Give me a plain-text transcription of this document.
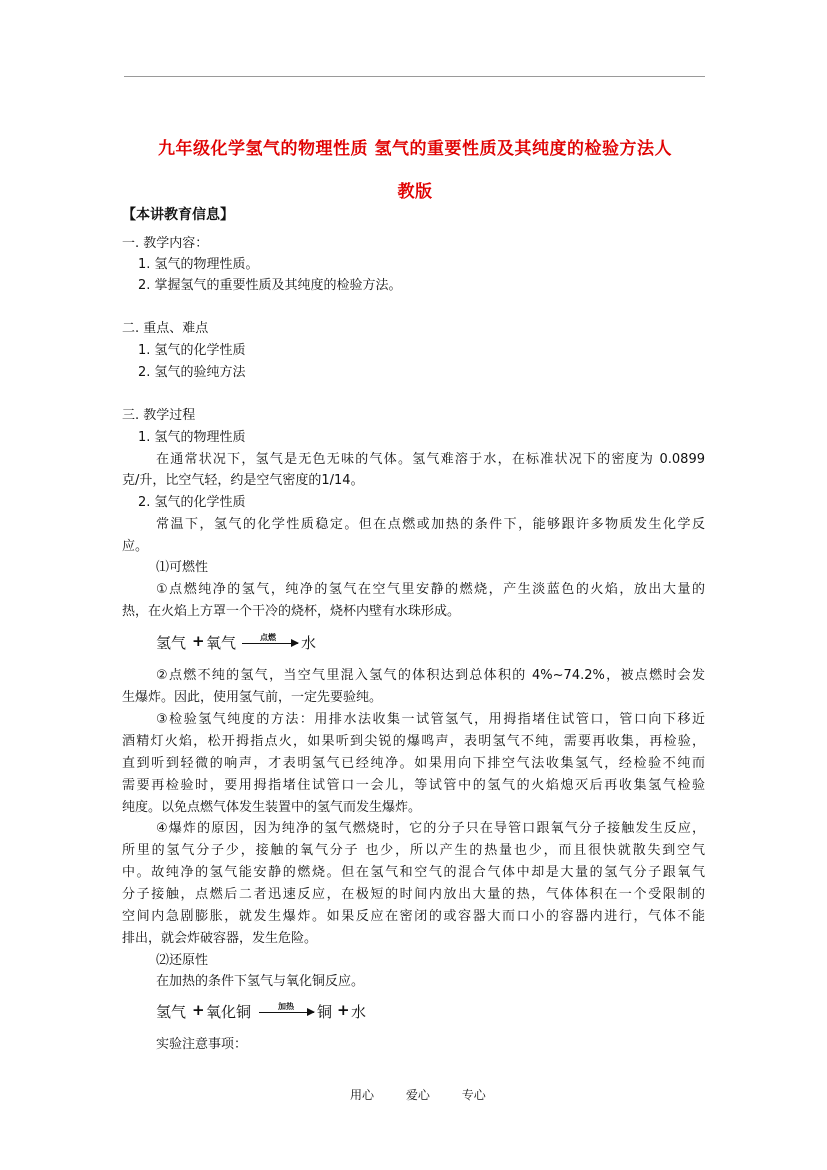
九年级化学氢气的物理性质 氢气的重要性质及其纯度的检验方法人
教版
【本讲教育信息】
一. 教学内容：
1. 氢气的物理性质。
2. 掌握氢气的重要性质及其纯度的检验方法。
二. 重点、难点
1. 氢气的化学性质
2. 氢气的验纯方法
三. 教学过程
1. 氢气的物理性质
在通常状况下，氢气是无色无味的气体。氢气难溶于水，在标准状况下的密度为 0.0899
克/升，比空气轻，约是空气密度的1/14。
2. 氢气的化学性质
常温下，氢气的化学性质稳定。但在点燃或加热的条件下，能够跟许多物质发生化学反
应。
⑴可燃性
①点燃纯净的氢气，纯净的氢气在空气里安静的燃烧，产生淡蓝色的火焰，放出大量的
热，在火焰上方罩一个干冷的烧杯，烧杯内壁有水珠形成。
氢气 + 氧气	点燃 水
②点燃不纯的氢气，当空气里混入氢气的体积达到总体积的 4%~74.2%，被点燃时会发
生爆炸。因此，使用氢气前，一定先要验纯。
③检验氢气纯度的方法：用排水法收集一试管氢气，用拇指堵住试管口，管口向下移近
酒精灯火焰，松开拇指点火，如果听到尖锐的爆鸣声，表明氢气不纯，需要再收集，再检验，
直到听到轻微的响声，才表明氢气已经纯净。如果用向下排空气法收集氢气，经检验不纯而
需要再检验时，要用拇指堵住试管口一会儿，等试管中的氢气的火焰熄灭后再收集氢气检验
纯度。以免点燃气体发生装置中的氢气而发生爆炸。
④爆炸的原因，因为纯净的氢气燃烧时，它的分子只在导管口跟氧气分子接触发生反应，
所里的氢气分子少，接触的氧气分子 也少，所以产生的热量也少，而且很快就散失到空气
中。故纯净的氢气能安静的燃烧。但在氢气和空气的混合气体中却是大量的氢气分子跟氧气
分子接触，点燃后二者迅速反应，在极短的时间内放出大量的热，气体体积在一个受限制的
空间内急剧膨胀，就发生爆炸。如果反应在密闭的或容器大而口小的容器内进行，气体不能
排出，就会炸破容器，发生危险。
⑵还原性
在加热的条件下氢气与氧化铜反应。
氢气 + 氧化铜	加热 铜 + 水
实验注意事项：
用心	爱心	专心
